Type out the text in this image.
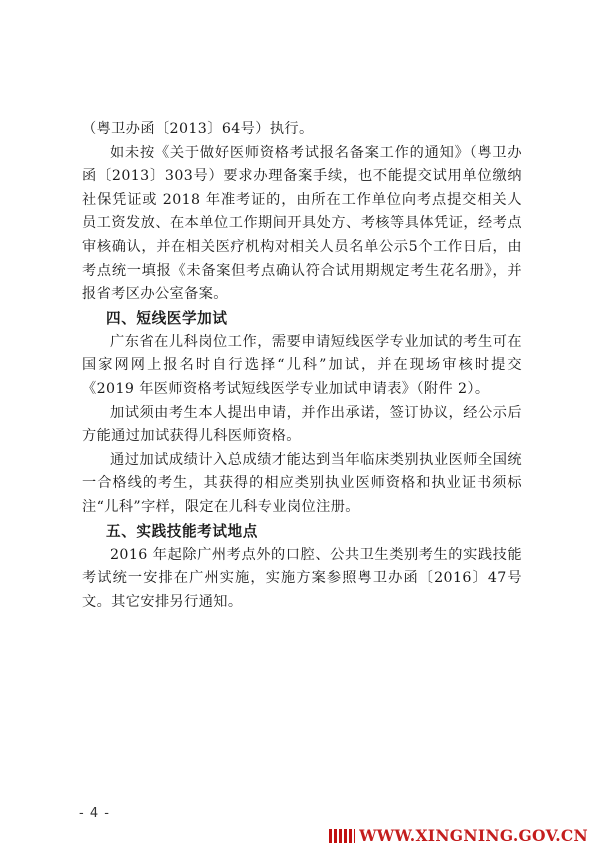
（粤卫办函〔2013〕64号）执行。

如未按《关于做好医师资格考试报名备案工作的通知》（粤卫办函〔2013〕303号）要求办理备案手续，也不能提交试用单位缴纳社保凭证或 2018 年准考证的，由所在工作单位向考点提交相关人员工资发放、在本单位工作期间开具处方、考核等具体凭证，经考点审核确认，并在相关医疗机构对相关人员名单公示5个工作日后，由考点统一填报《未备案但考点确认符合试用期规定考生花名册》，并报省考区办公室备案。

四、短线医学加试

广东省在儿科岗位工作，需要申请短线医学专业加试的考生可在国家网网上报名时自行选择“儿科”加试，并在现场审核时提交《2019 年医师资格考试短线医学专业加试申请表》（附件 2）。

加试须由考生本人提出申请，并作出承诺，签订协议，经公示后方能通过加试获得儿科医师资格。

通过加试成绩计入总成绩才能达到当年临床类别执业医师全国统一合格线的考生，其获得的相应类别执业医师资格和执业证书须标注“儿科”字样，限定在儿科专业岗位注册。

五、实践技能考试地点

2016 年起除广州考点外的口腔、公共卫生类别考生的实践技能考试统一安排在广州实施，实施方案参照粤卫办函〔2016〕47号文。其它安排另行通知。

- 4 -
WWW.XINGNING.GOV.CN
